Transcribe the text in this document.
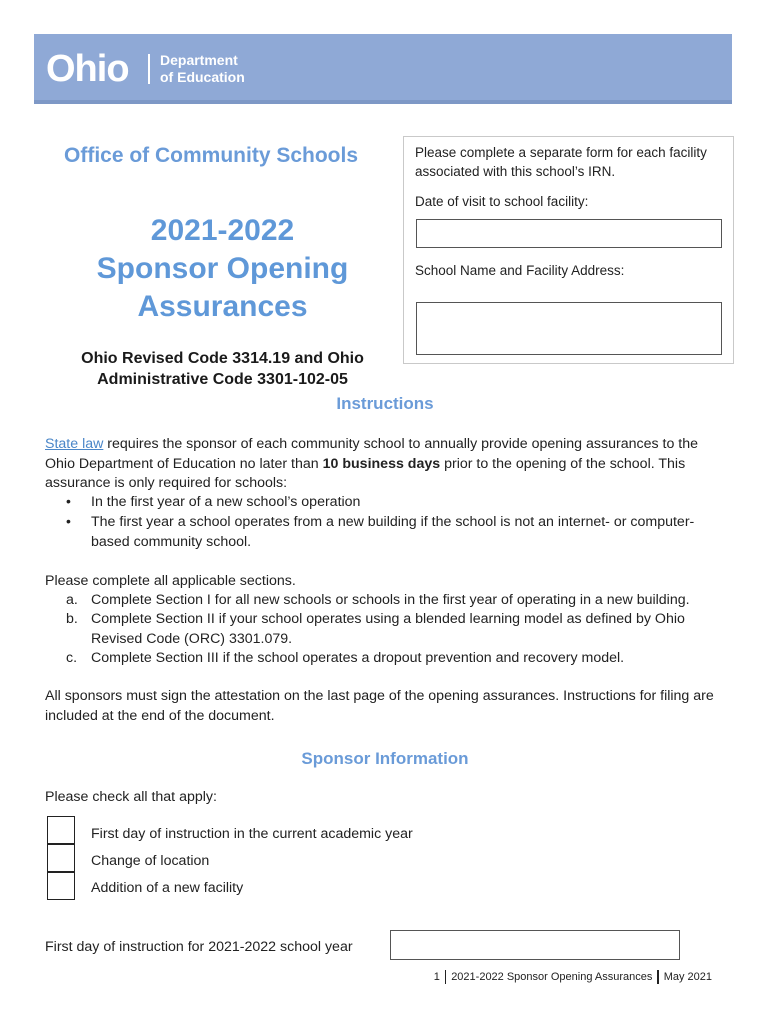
Ohio Department
of Education
Office of Community Schools
2021-2022
Sponsor Opening
Assurances
Ohio Revised Code 3314.19 and Ohio
Administrative Code 3301-102-05
Please complete a separate form for each facility associated with this school’s IRN.
Date of visit to school facility:
School Name and Facility Address:
Instructions
State law requires the sponsor of each community school to annually provide opening assurances to the Ohio Department of Education no later than 10 business days prior to the opening of the school. This assurance is only required for schools:
• In the first year of a new school’s operation
• The first year a school operates from a new building if the school is not an internet- or computer-based community school.
Please complete all applicable sections.
a. Complete Section I for all new schools or schools in the first year of operating in a new building.
b. Complete Section II if your school operates using a blended learning model as defined by Ohio Revised Code (ORC) 3301.079.
c. Complete Section III if the school operates a dropout prevention and recovery model.
All sponsors must sign the attestation on the last page of the opening assurances. Instructions for filing are included at the end of the document.
Sponsor Information
Please check all that apply:
First day of instruction in the current academic year
Change of location
Addition of a new facility
First day of instruction for 2021-2022 school year
1 2021-2022 Sponsor Opening Assurances May 2021
